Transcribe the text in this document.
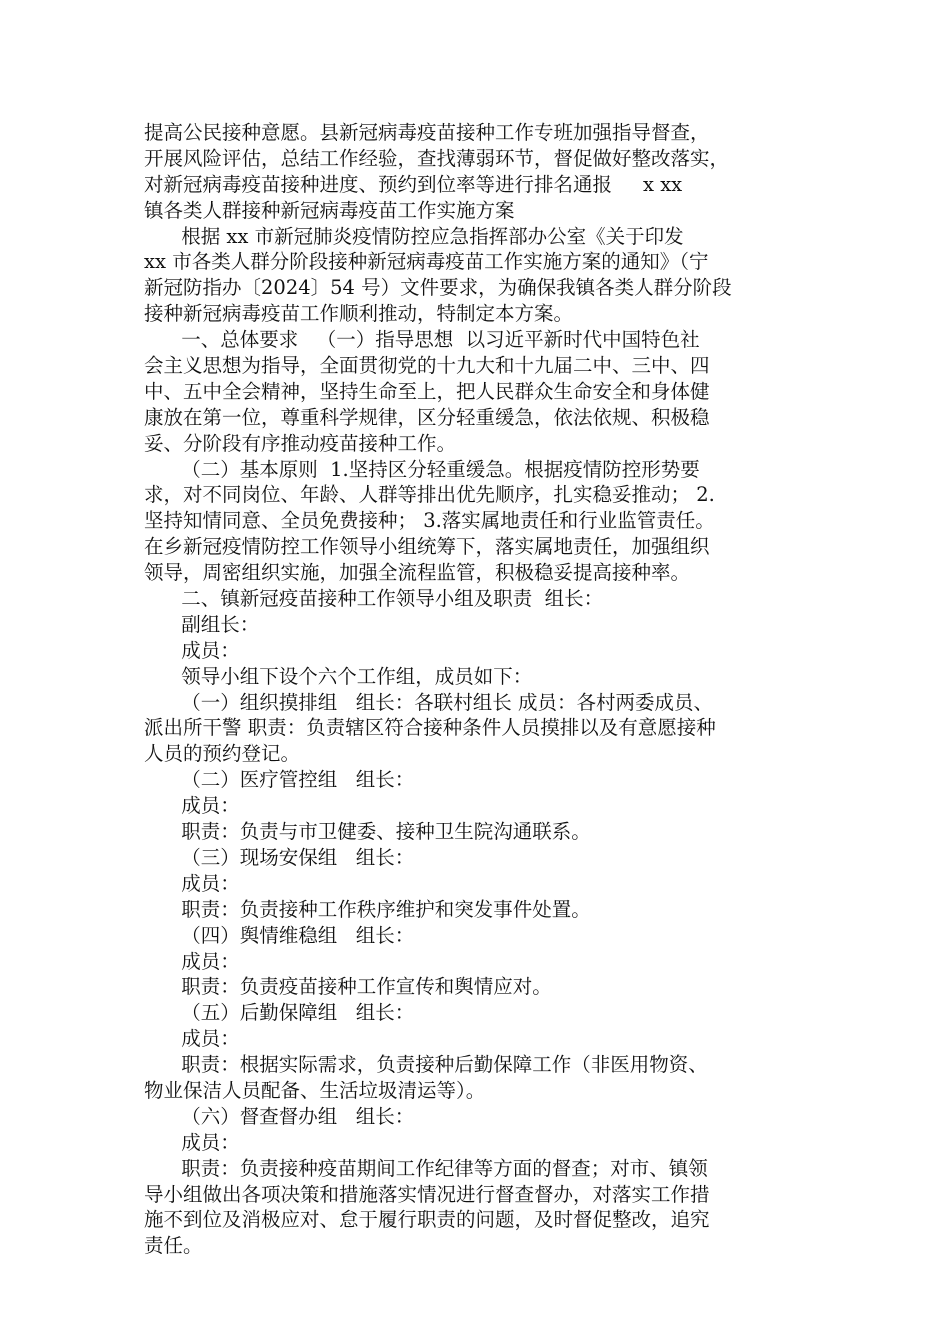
提高公民接种意愿。县新冠病毒疫苗接种工作专班加强指导督查，
开展风险评估，总结工作经验，查找薄弱环节，督促做好整改落实，
对新冠病毒疫苗接种进度、预约到位率等进行排名通报     x xx
镇各类人群接种新冠病毒疫苗工作实施方案
根据 xx 市新冠肺炎疫情防控应急指挥部办公室《关于印发
xx 市各类人群分阶段接种新冠病毒疫苗工作实施方案的通知》（宁
新冠防指办〔2024〕54 号）文件要求，为确保我镇各类人群分阶段
接种新冠病毒疫苗工作顺利推动，特制定本方案。
一、总体要求   （一）指导思想  以习近平新时代中国特色社
会主义思想为指导，全面贯彻党的十九大和十九届二中、三中、四
中、五中全会精神，坚持生命至上，把人民群众生命安全和身体健
康放在第一位，尊重科学规律，区分轻重缓急，依法依规、积极稳
妥、分阶段有序推动疫苗接种工作。
（二）基本原则  1.坚持区分轻重缓急。根据疫情防控形势要
求，对不同岗位、年龄、人群等排出优先顺序，扎实稳妥推动； 2.
坚持知情同意、全员免费接种； 3.落实属地责任和行业监管责任。
在乡新冠疫情防控工作领导小组统筹下，落实属地责任，加强组织
领导，周密组织实施，加强全流程监管，积极稳妥提高接种率。
二、镇新冠疫苗接种工作领导小组及职责  组长：
副组长：
成员：
领导小组下设个六个工作组，成员如下：
（一）组织摸排组   组长：各联村组长 成员：各村两委成员、
派出所干警 职责：负责辖区符合接种条件人员摸排以及有意愿接种
人员的预约登记。
（二）医疗管控组   组长：
成员：
职责：负责与市卫健委、接种卫生院沟通联系。
（三）现场安保组   组长：
成员：
职责：负责接种工作秩序维护和突发事件处置。
（四）舆情维稳组   组长：
成员：
职责：负责疫苗接种工作宣传和舆情应对。
（五）后勤保障组   组长：
成员：
职责：根据实际需求，负责接种后勤保障工作（非医用物资、
物业保洁人员配备、生活垃圾清运等）。
（六）督查督办组   组长：
成员：
职责：负责接种疫苗期间工作纪律等方面的督查；对市、镇领
导小组做出各项决策和措施落实情况进行督查督办，对落实工作措
施不到位及消极应对、怠于履行职责的问题，及时督促整改，追究
责任。
